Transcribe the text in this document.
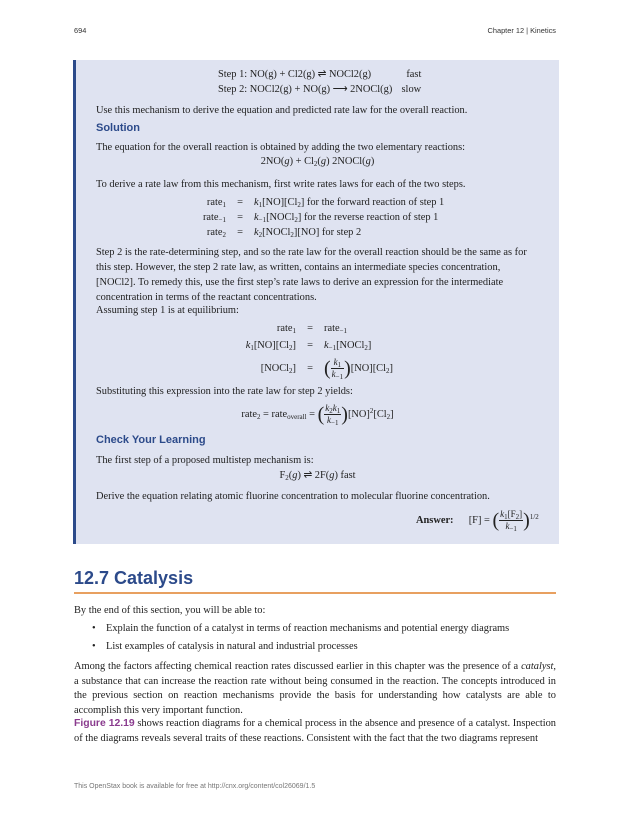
694	Chapter 12 | Kinetics
Step 1: NO(g) + Cl2(g) ⇌ NOCl2(g)	fast
Step 2: NOCl2(g) + NO(g) ⟶ 2NOCl(g) slow
Use this mechanism to derive the equation and predicted rate law for the overall reaction.
Solution
The equation for the overall reaction is obtained by adding the two elementary reactions:
$2NO(g) + Cl_2(g)$ 2NOCl(g)
To derive a rate law from this mechanism, first write rates laws for each of the two steps.
rate$_1$ = $k_1[NO][Cl_2]$ for the forward reaction of step 1
rate$_{-1}$ = $k_{-1}[NOCl_2]$ for the reverse reaction of step 1
rate$_2$ = $k_2[NOCl_2][NO]$ for step 2
Step 2 is the rate-determining step, and so the rate law for the overall reaction should be the same as for this step. However, the step 2 rate law, as written, contains an intermediate species concentration, [NOCl2]. To remedy this, use the first step’s rate laws to derive an expression for the intermediate concentration in terms of the reactant concentrations.
Assuming step 1 is at equilibrium:
rate$_1$ = rate$_{-1}$
$k_1[NO][Cl_2]$ = $k_{-1}[NOCl_2]$
[NOCl$_2$] = ( $\frac{k_1}{k_{-1}} )[NO][Cl_2]$
Substituting this expression into the rate law for step 2 yields:
rate$_2$ = rate$_{overall}$ = ( $\frac{k_2k_1}{k_{-1}} )[NO]^2[Cl_2]$
Check Your Learning
The first step of a proposed multistep mechanism is:
$F_2(g)$ ⇌ 2F(g) fast
Derive the equation relating atomic fluorine concentration to molecular fluorine concentration.
Answer:  [F] = ( $\frac{k_1[F_2]}{k_{-1}} )^{1/2}$
12.7 Catalysis
By the end of this section, you will be able to:
• Explain the function of a catalyst in terms of reaction mechanisms and potential energy diagrams
• List examples of catalysis in natural and industrial processes
Among the factors affecting chemical reaction rates discussed earlier in this chapter was the presence of a catalyst, a substance that can increase the reaction rate without being consumed in the reaction. The concepts introduced in the previous section on reaction mechanisms provide the basis for understanding how catalysts are able to accomplish this very important function.
Figure 12.19 shows reaction diagrams for a chemical process in the absence and presence of a catalyst. Inspection of the diagrams reveals several traits of these reactions. Consistent with the fact that the two diagrams represent
This OpenStax book is available for free at http://cnx.org/content/col26069/1.5
